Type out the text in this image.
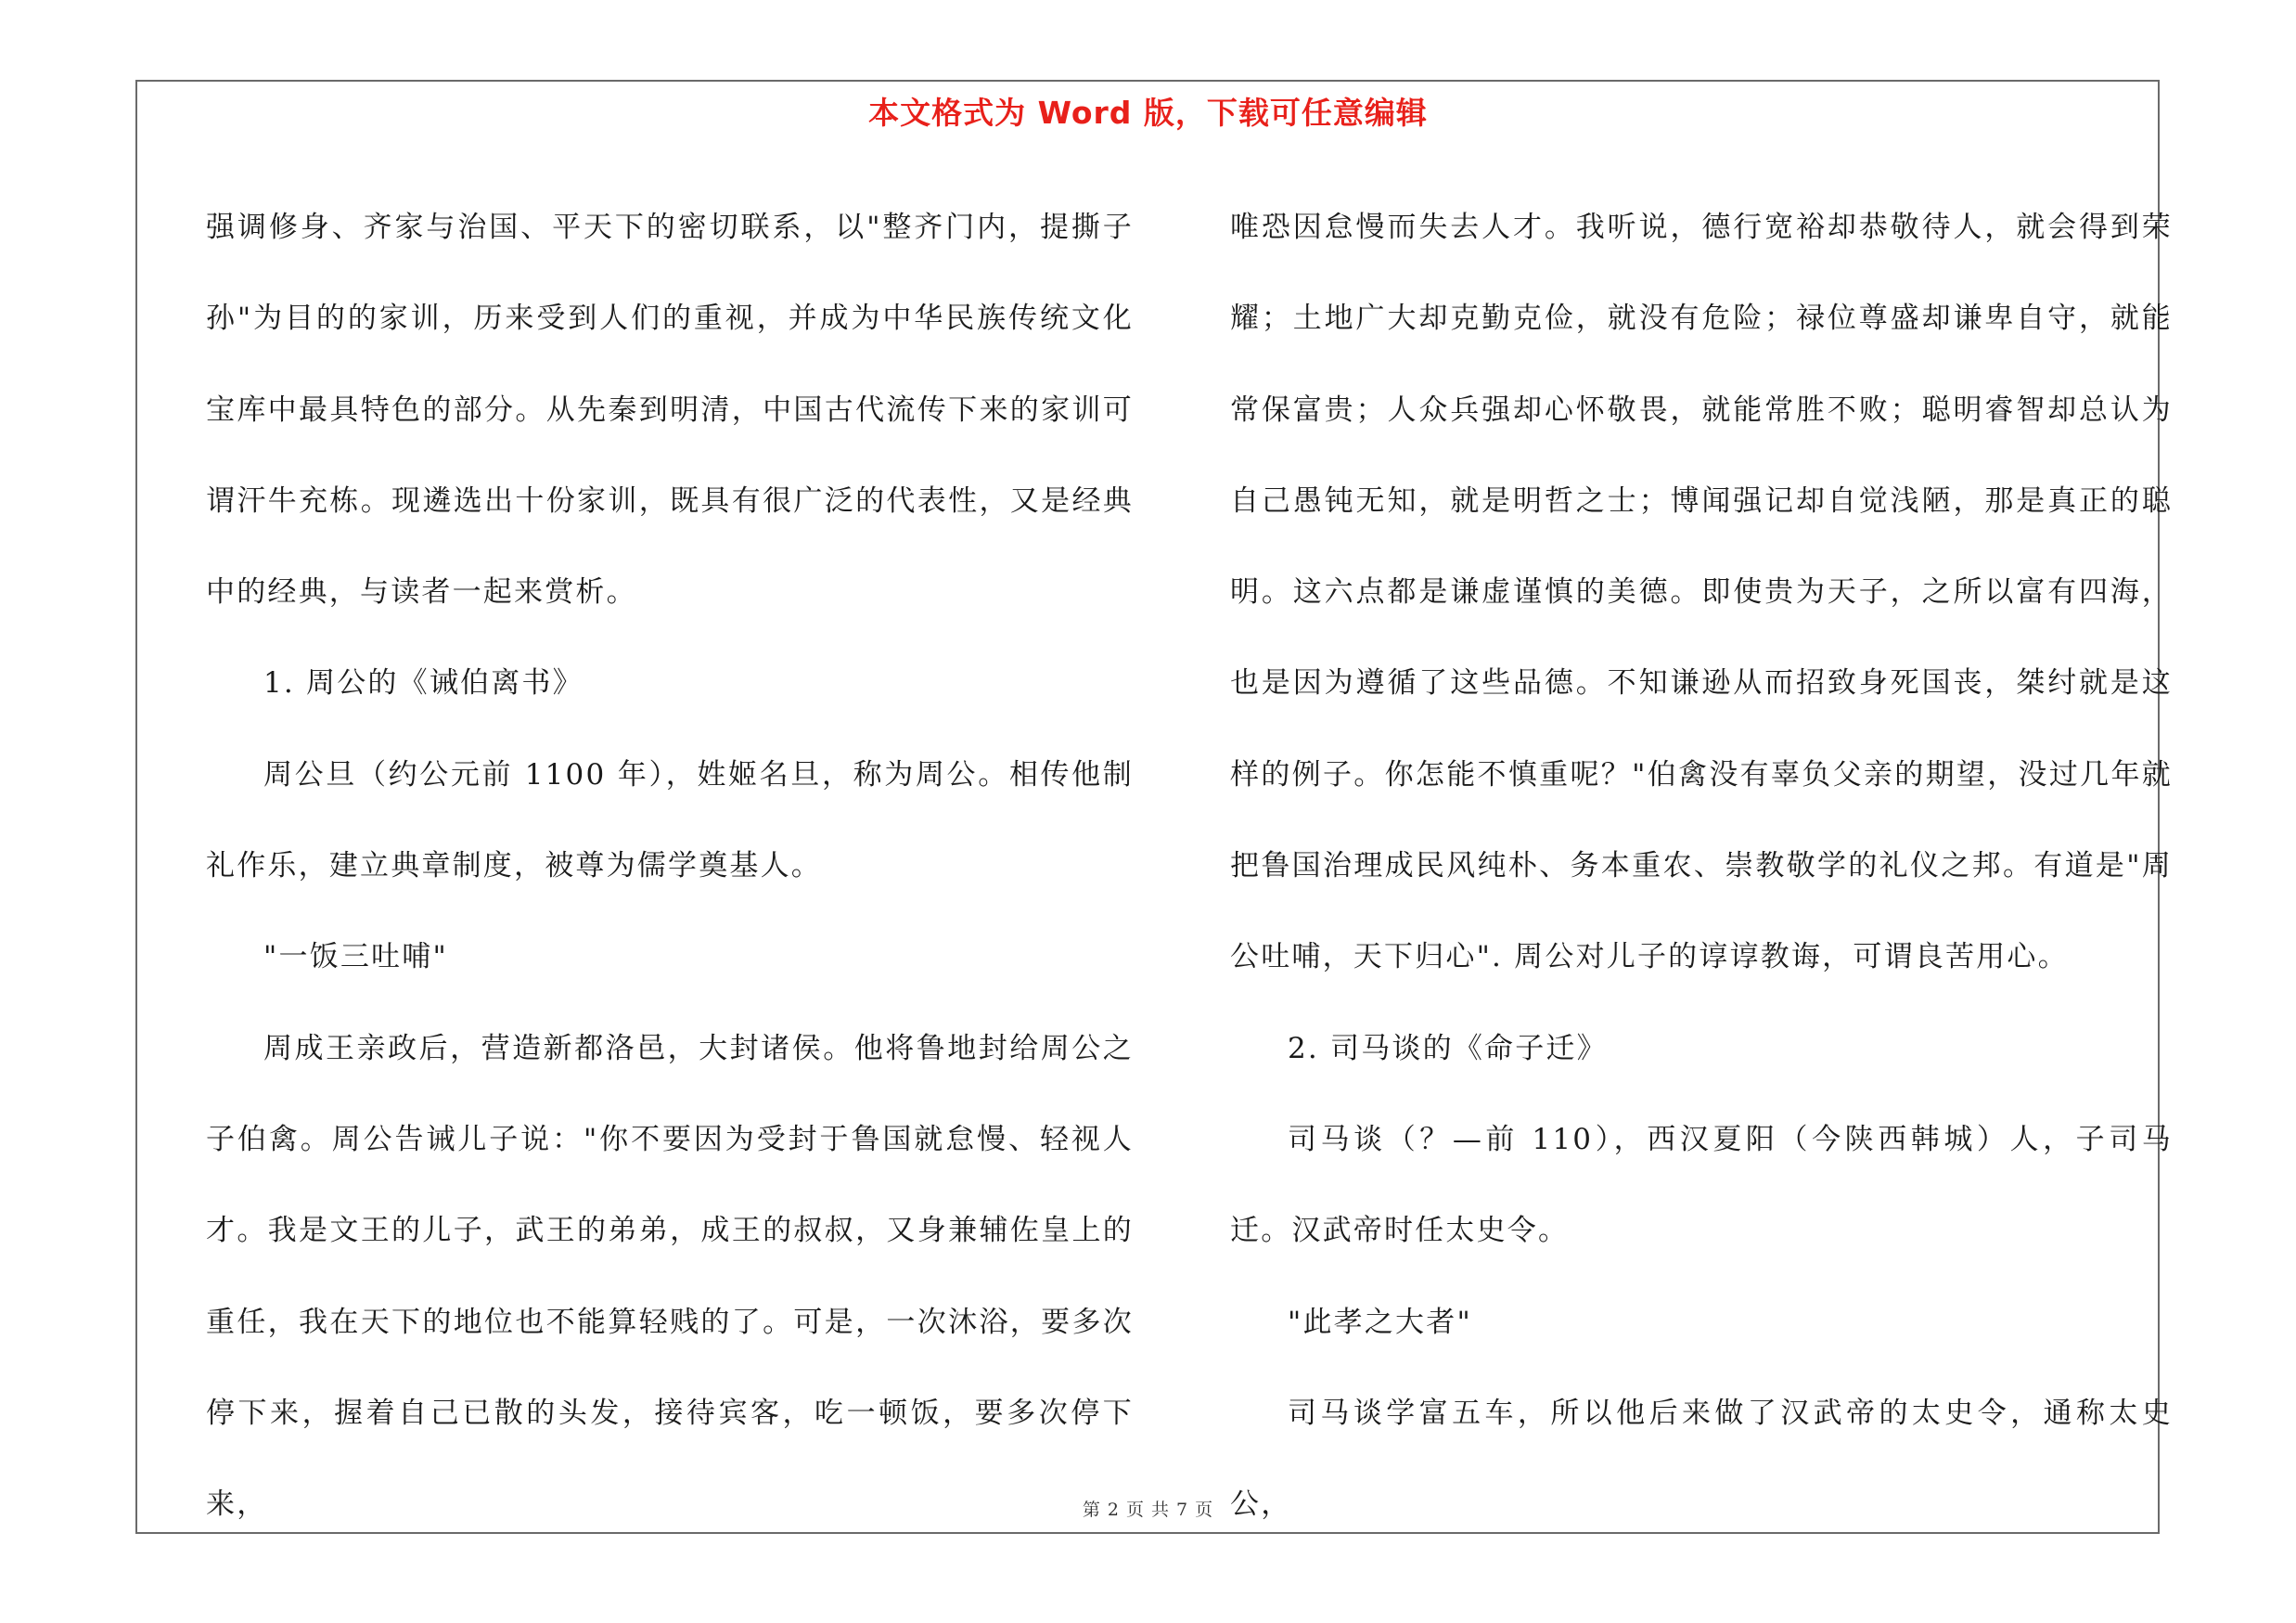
本文格式为 Word 版，下载可任意编辑

强调修身、齐家与治国、平天下的密切联系，以"整齐门内，提撕子孙"为目的的家训，历来受到人们的重视，并成为中华民族传统文化宝库中最具特色的部分。从先秦到明清，中国古代流传下来的家训可谓汗牛充栋。现遴选出十份家训，既具有很广泛的代表性，又是经典中的经典，与读者一起来赏析。

1. 周公的《诫伯离书》

周公旦（约公元前 1100 年），姓姬名旦，称为周公。相传他制礼作乐，建立典章制度，被尊为儒学奠基人。

"一饭三吐哺"

周成王亲政后，营造新都洛邑，大封诸侯。他将鲁地封给周公之子伯禽。周公告诫儿子说："你不要因为受封于鲁国就怠慢、轻视人才。我是文王的儿子，武王的弟弟，成王的叔叔，又身兼辅佐皇上的重任，我在天下的地位也不能算轻贱的了。可是，一次沐浴，要多次停下来，握着自己已散的头发，接待宾客，吃一顿饭，要多次停下来，

唯恐因怠慢而失去人才。我听说，德行宽裕却恭敬待人，就会得到荣耀；土地广大却克勤克俭，就没有危险；禄位尊盛却谦卑自守，就能常保富贵；人众兵强却心怀敬畏，就能常胜不败；聪明睿智却总认为自己愚钝无知，就是明哲之士；博闻强记却自觉浅陋，那是真正的聪明。这六点都是谦虚谨慎的美德。即使贵为天子，之所以富有四海，也是因为遵循了这些品德。不知谦逊从而招致身死国丧，桀纣就是这样的例子。你怎能不慎重呢？"伯禽没有辜负父亲的期望，没过几年就把鲁国治理成民风纯朴、务本重农、崇教敬学的礼仪之邦。有道是"周公吐哺，天下归心". 周公对儿子的谆谆教诲，可谓良苦用心。

2. 司马谈的《命子迁》

司马谈（？—前 110），西汉夏阳（今陕西韩城）人，子司马迁。汉武帝时任太史令。

"此孝之大者"

司马谈学富五车，所以他后来做了汉武帝的太史令，通称太史公，

第 2 页 共 7 页
